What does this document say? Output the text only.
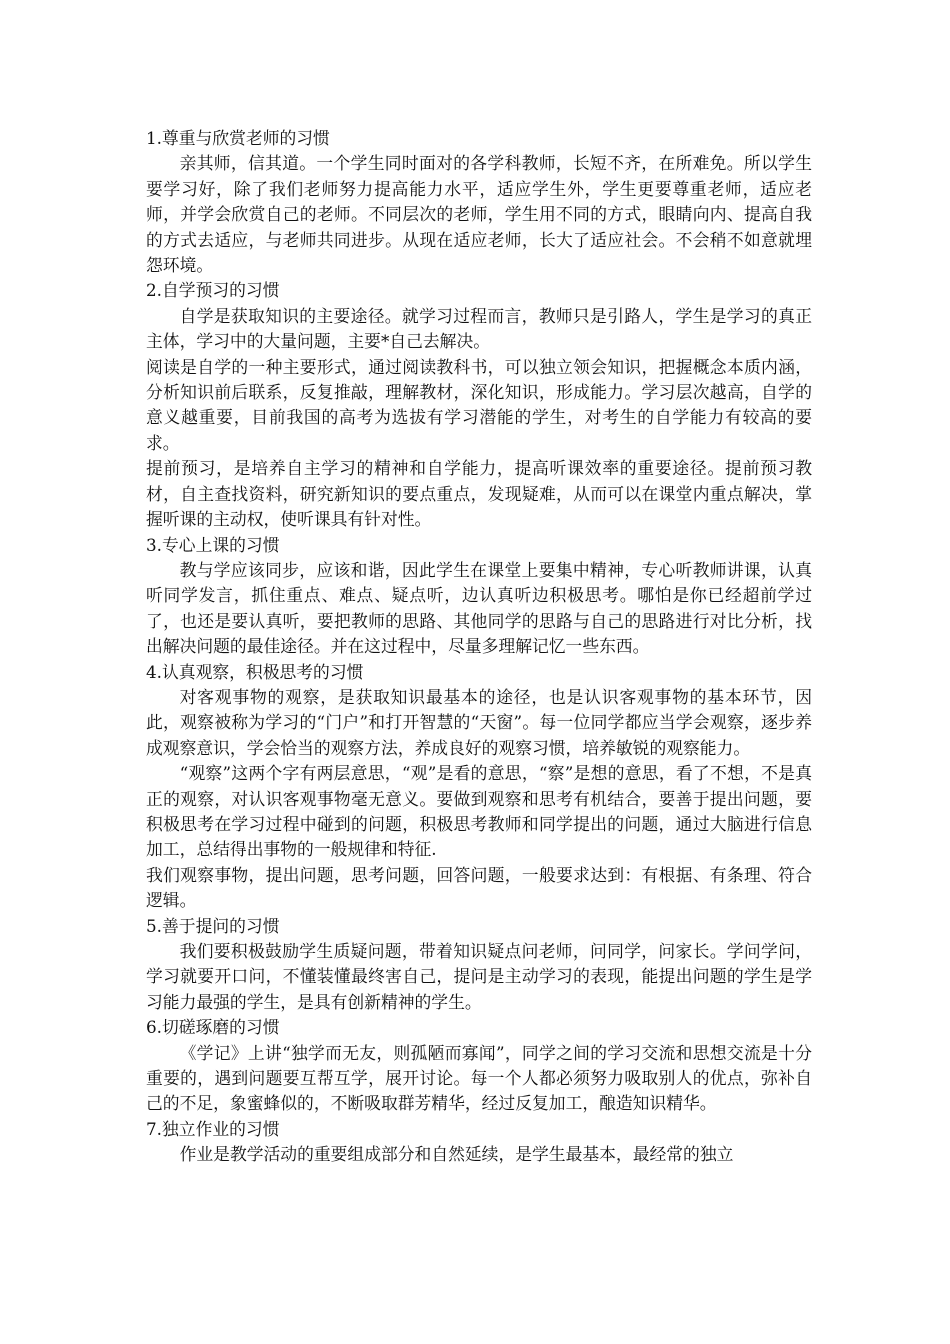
1.尊重与欣赏老师的习惯

亲其师，信其道。一个学生同时面对的各学科教师，长短不齐，在所难免。所以学生要学习好，除了我们老师努力提高能力水平，适应学生外，学生更要尊重老师，适应老师，并学会欣赏自己的老师。不同层次的老师，学生用不同的方式，眼睛向内、提高自我的方式去适应，与老师共同进步。从现在适应老师，长大了适应社会。不会稍不如意就埋怨环境。

2.自学预习的习惯

自学是获取知识的主要途径。就学习过程而言，教师只是引路人，学生是学习的真正主体，学习中的大量问题，主要*自己去解决。

阅读是自学的一种主要形式，通过阅读教科书，可以独立领会知识，把握概念本质内涵，分析知识前后联系，反复推敲，理解教材，深化知识，形成能力。学习层次越高，自学的意义越重要，目前我国的高考为选拔有学习潜能的学生，对考生的自学能力有较高的要求。

提前预习，是培养自主学习的精神和自学能力，提高听课效率的重要途径。提前预习教材，自主查找资料，研究新知识的要点重点，发现疑难，从而可以在课堂内重点解决，掌握听课的主动权，使听课具有针对性。

3.专心上课的习惯

教与学应该同步，应该和谐，因此学生在课堂上要集中精神，专心听教师讲课，认真听同学发言，抓住重点、难点、疑点听，边认真听边积极思考。哪怕是你已经超前学过了，也还是要认真听，要把教师的思路、其他同学的思路与自己的思路进行对比分析，找出解决问题的最佳途径。并在这过程中，尽量多理解记忆一些东西。

4.认真观察，积极思考的习惯

对客观事物的观察，是获取知识最基本的途径，也是认识客观事物的基本环节，因此，观察被称为学习的“门户”和打开智慧的“天窗”。每一位同学都应当学会观察，逐步养成观察意识，学会恰当的观察方法，养成良好的观察习惯，培养敏锐的观察能力。

“观察”这两个字有两层意思，“观”是看的意思，“察”是想的意思，看了不想，不是真正的观察，对认识客观事物毫无意义。要做到观察和思考有机结合，要善于提出问题，要积极思考在学习过程中碰到的问题，积极思考教师和同学提出的问题，通过大脑进行信息加工，总结得出事物的一般规律和特征.

我们观察事物，提出问题，思考问题，回答问题，一般要求达到：有根据、有条理、符合逻辑。

5.善于提问的习惯

我们要积极鼓励学生质疑问题，带着知识疑点问老师，问同学，问家长。学问学问，学习就要开口问，不懂装懂最终害自己，提问是主动学习的表现，能提出问题的学生是学习能力最强的学生，是具有创新精神的学生。

6.切磋琢磨的习惯

《学记》上讲“独学而无友，则孤陋而寡闻”，同学之间的学习交流和思想交流是十分重要的，遇到问题要互帮互学，展开讨论。每一个人都必须努力吸取别人的优点，弥补自己的不足，象蜜蜂似的，不断吸取群芳精华，经过反复加工，酿造知识精华。

7.独立作业的习惯

作业是教学活动的重要组成部分和自然延续，是学生最基本，最经常的独立
